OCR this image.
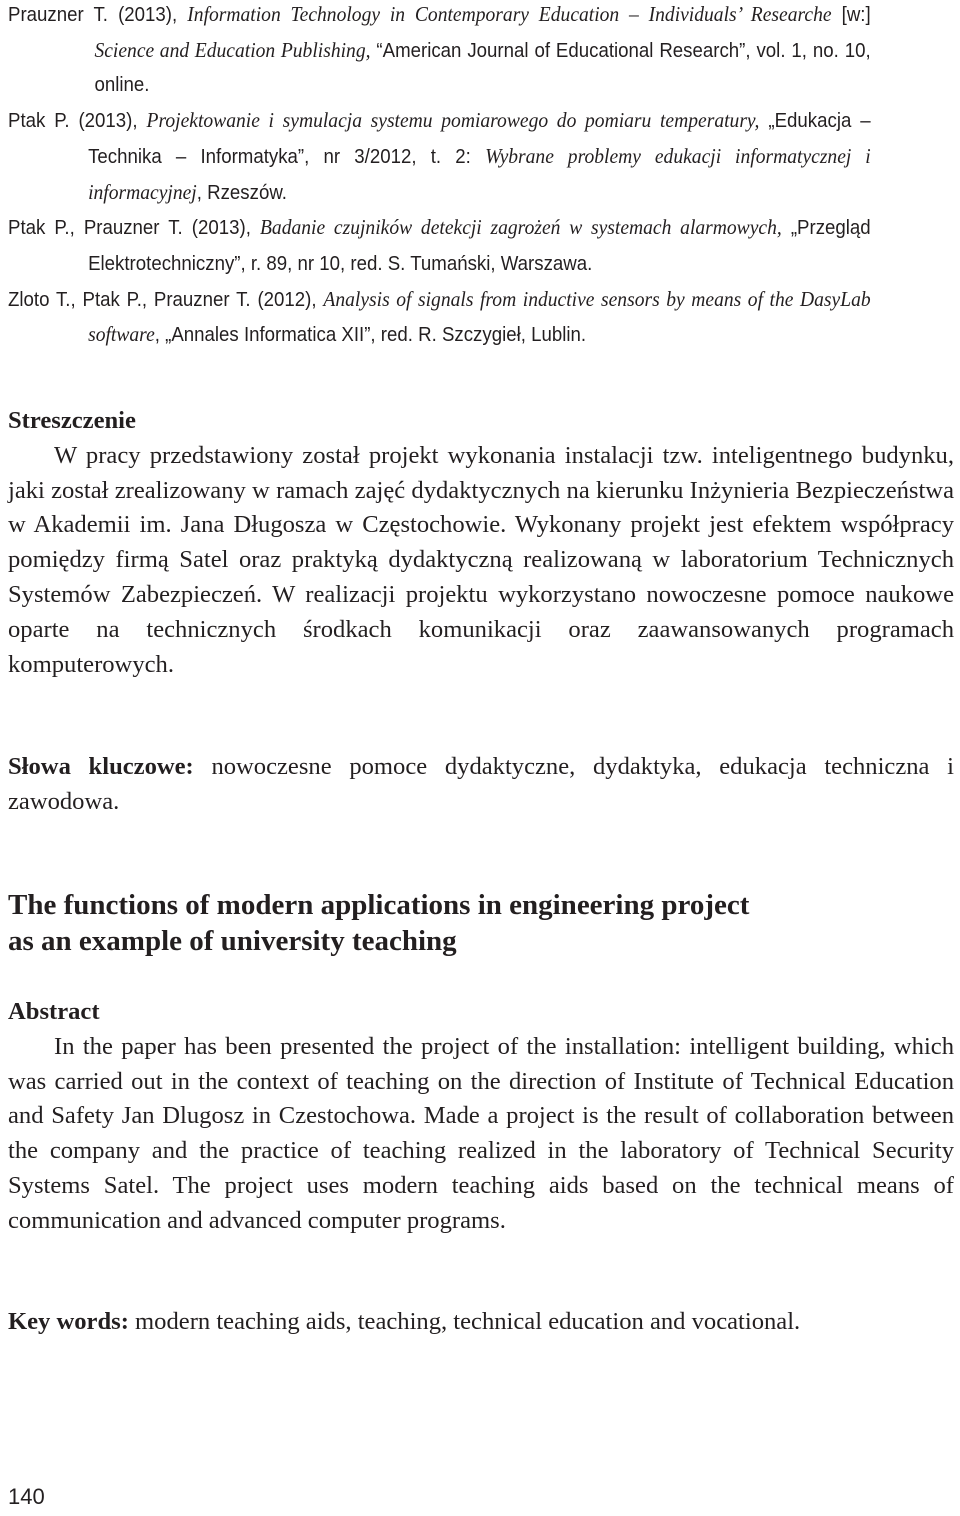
Prauzner T. (2013), Information Technology in Contemporary Education – Individuals’ Researche [w:] Science and Education Publishing, “American Journal of Educational Research”, vol. 1, no. 10, online.
Ptak P. (2013), Projektowanie i symulacja systemu pomiarowego do pomiaru temperatury, „Edukacja – Technika – Informatyka”, nr 3/2012, t. 2: Wybrane problemy edukacji informatycznej i informacyjnej, Rzeszów.
Ptak P., Prauzner T. (2013), Badanie czujników detekcji zagrożeń w systemach alarmowych, „Przegląd Elektrotechniczny”, r. 89, nr 10, red. S. Tumański, Warszawa.
Zloto T., Ptak P., Prauzner T. (2012), Analysis of signals from inductive sensors by means of the DasyLab software, „Annales Informatica XII”, red. R. Szczygieł, Lublin.
Streszczenie
W pracy przedstawiony został projekt wykonania instalacji tzw. inteligentnego budynku, jaki został zrealizowany w ramach zajęć dydaktycznych na kierunku Inżynieria Bezpieczeństwa w Akademii im. Jana Długosza w Częstochowie. Wykonany projekt jest efektem współpracy pomiędzy firmą Satel oraz praktyką dydaktyczną realizowaną w laboratorium Technicznych Systemów Zabezpieczeń. W realizacji projektu wykorzystano nowoczesne pomoce naukowe oparte na technicznych środkach komunikacji oraz zaawansowanych programach komputerowych.
Słowa kluczowe: nowoczesne pomoce dydaktyczne, dydaktyka, edukacja techniczna i zawodowa.
The functions of modern applications in engineering project
as an example of university teaching
Abstract
In the paper has been presented the project of the installation: intelligent building, which was carried out in the context of teaching on the direction of Institute of Technical Education and Safety Jan Dlugosz in Czestochowa. Made a project is the result of collaboration between the company and the practice of teaching realized in the laboratory of Technical Security Systems Satel. The project uses modern teaching aids based on the technical means of communication and advanced computer programs.
Key words: modern teaching aids, teaching, technical education and vocational.
140
